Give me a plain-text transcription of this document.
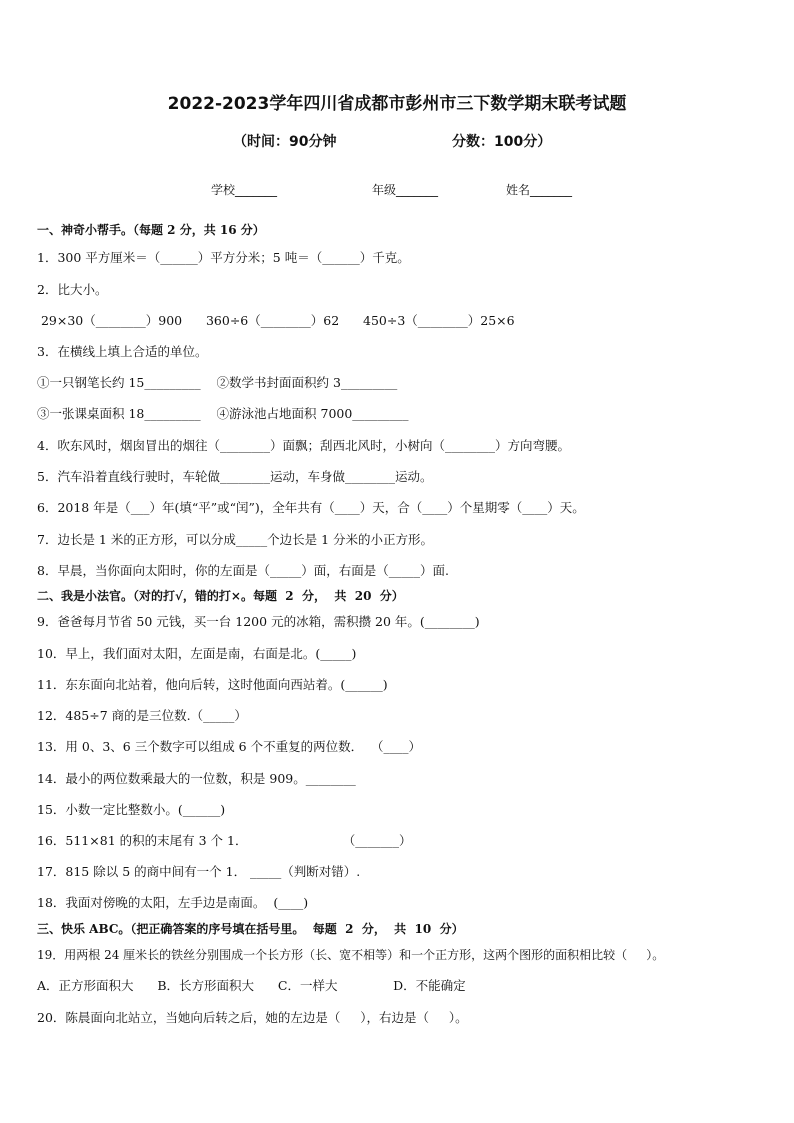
2022-2023学年四川省成都市彭州市三下数学期末联考试题
（时间：90分钟	分数：100分）
学校_______	年级_______	姓名_______
一、神奇小帮手。（每题 2 分，共 16 分）
1．300 平方厘米＝（______）平方分米；5 吨＝（______）千克。
2．比大小。
29×30（________）900      360÷6（________）62      450÷3（________）25×6
3．在横线上填上合适的单位。
①一只钢笔长约 15_________    ②数学书封面面积约 3_________
③一张课桌面积 18_________    ④游泳池占地面积 7000_________
4．吹东风时，烟囱冒出的烟往（________）面飘；刮西北风时，小树向（________）方向弯腰。
5．汽车沿着直线行驶时，车轮做________运动，车身做________运动。
6．2018 年是（___）年(填“平”或“闰”)，全年共有（____）天，合（____）个星期零（____）天。
7．边长是 1 米的正方形，可以分成_____个边长是 1 分米的小正方形。
8．早晨，当你面向太阳时，你的左面是（_____）面，右面是（_____）面.
二、我是小法官。（对的打√，错的打×。每题  2  分，  共  20  分）
9．爸爸每月节省 50 元钱，买一台 1200 元的冰箱，需积攒 20 年。(________)
10．早上，我们面对太阳，左面是南，右面是北。(_____)
11．东东面向北站着，他向后转，这时他面向西站着。(______)
12．485÷7 商的是三位数.（_____）
13．用 0、3、6 三个数字可以组成 6 个不重复的两位数．  （____）
14．最小的两位数乘最大的一位数，积是 909。________
15．小数一定比整数小。(______)
16．511×81 的积的末尾有 3 个 1．                        （_______）
17．815 除以 5 的商中间有一个 1． _____（判断对错）.
18．我面对傍晚的太阳，左手边是南面。  (____)
三、快乐 ABC。（把正确答案的序号填在括号里。  每题  2  分，  共  10  分）
19．用两根 24 厘米长的铁丝分别围成一个长方形（长、宽不相等）和一个正方形，这两个图形的面积相比较（     ）。
A．正方形面积大      B．长方形面积大      C．一样大              D．不能确定
20．陈晨面向北站立，当她向后转之后，她的左边是（     ），右边是（     ）。
